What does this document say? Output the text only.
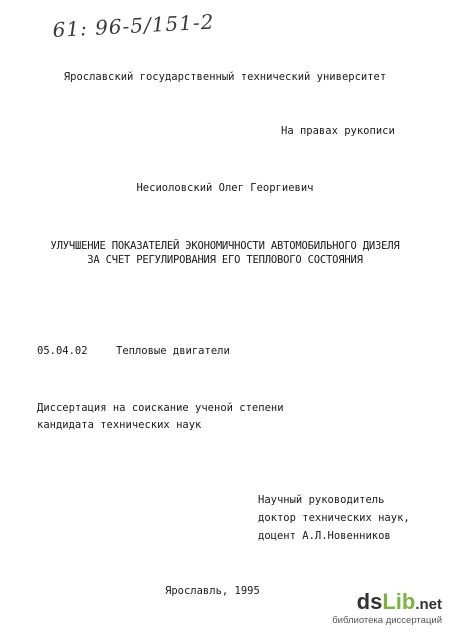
61: 96-5/151-2
Ярославский государственный технический университет
На правах рукописи
Несиоловский Олег Георгиевич
УЛУЧШЕНИЕ ПОКАЗАТЕЛЕЙ ЭКОНОМИЧНОСТИ АВТОМОБИЛЬНОГО ДИЗЕЛЯ
ЗА СЧЕТ РЕГУЛИРОВАНИЯ ЕГО ТЕПЛОВОГО СОСТОЯНИЯ
05.04.02	Тепловые двигатели
Диссертация на соискание ученой степени
кандидата технических наук
Научный руководитель
доктор технических наук,
доцент А.Л.Новенников
Ярославль, 1995	dsLib.net
библиотека диссертаций
